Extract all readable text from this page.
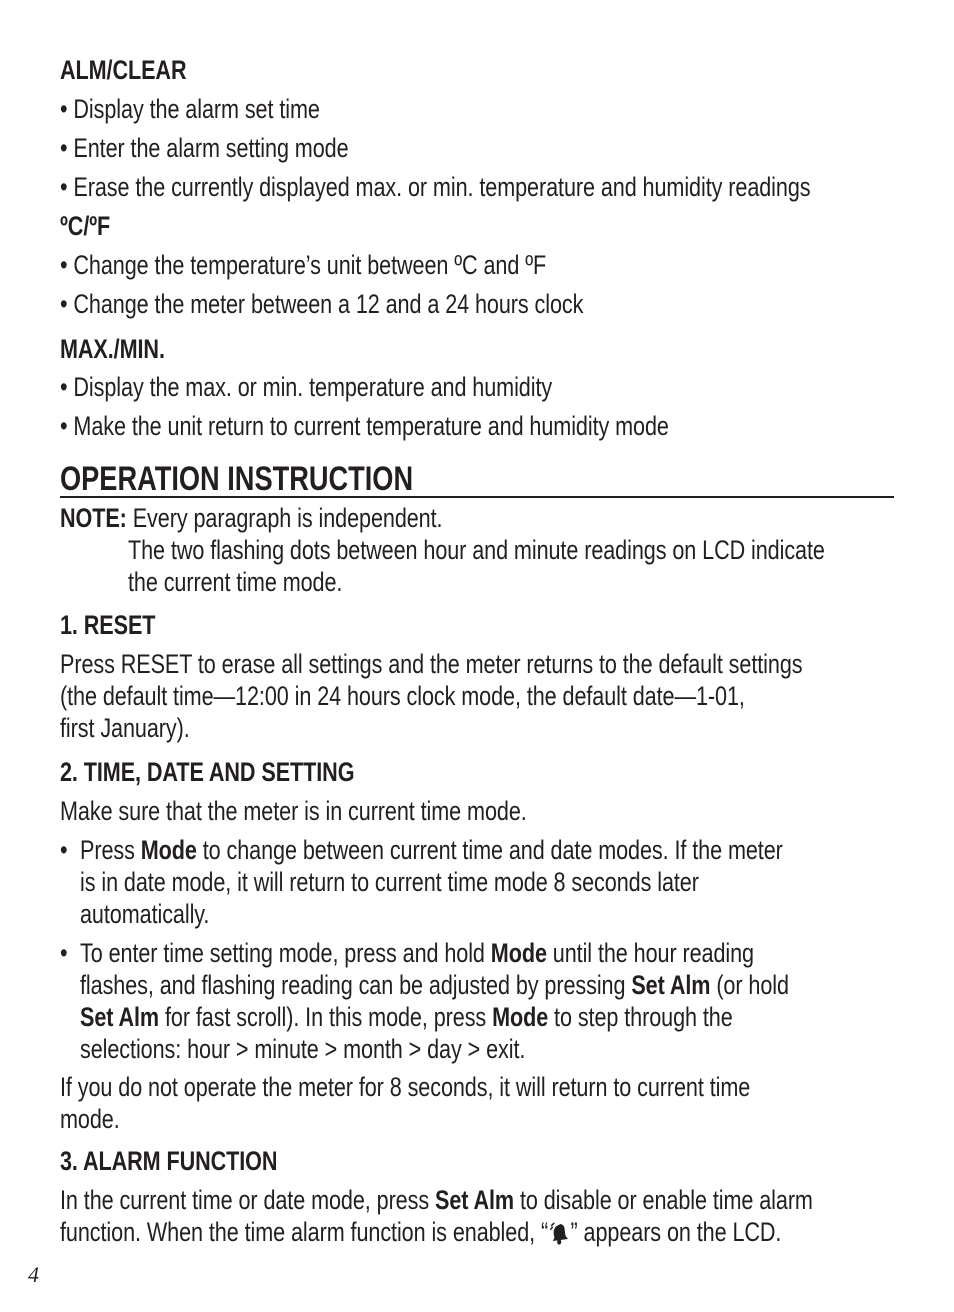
ALM/CLEAR
• Display the alarm set time
• Enter the alarm setting mode
• Erase the currently displayed max. or min. temperature and humidity readings
ºC/ºF
• Change the temperature’s unit between ºC and ºF
• Change the meter between a 12 and a 24 hours clock
MAX./MIN.
• Display the max. or min. temperature and humidity
• Make the unit return to current temperature and humidity mode
OPERATION INSTRUCTION
NOTE: Every paragraph is independent.
The two flashing dots between hour and minute readings on LCD indicate
the current time mode.
1. RESET
Press RESET to erase all settings and the meter returns to the default settings
(the default time—12:00 in 24 hours clock mode, the default date—1-01,
first January).
2. TIME, DATE AND SETTING
Make sure that the meter is in current time mode.
• Press Mode to change between current time and date modes. If the meter
is in date mode, it will return to current time mode 8 seconds later
automatically.
• To enter time setting mode, press and hold Mode until the hour reading
flashes, and flashing reading can be adjusted by pressing Set Alm (or hold
Set Alm for fast scroll). In this mode, press Mode to step through the
selections: hour > minute > month > day > exit.
If you do not operate the meter for 8 seconds, it will return to current time
mode.
3. ALARM FUNCTION
In the current time or date mode, press Set Alm to disable or enable time alarm
function. When the time alarm function is enabled, “ ” appears on the LCD.
4
